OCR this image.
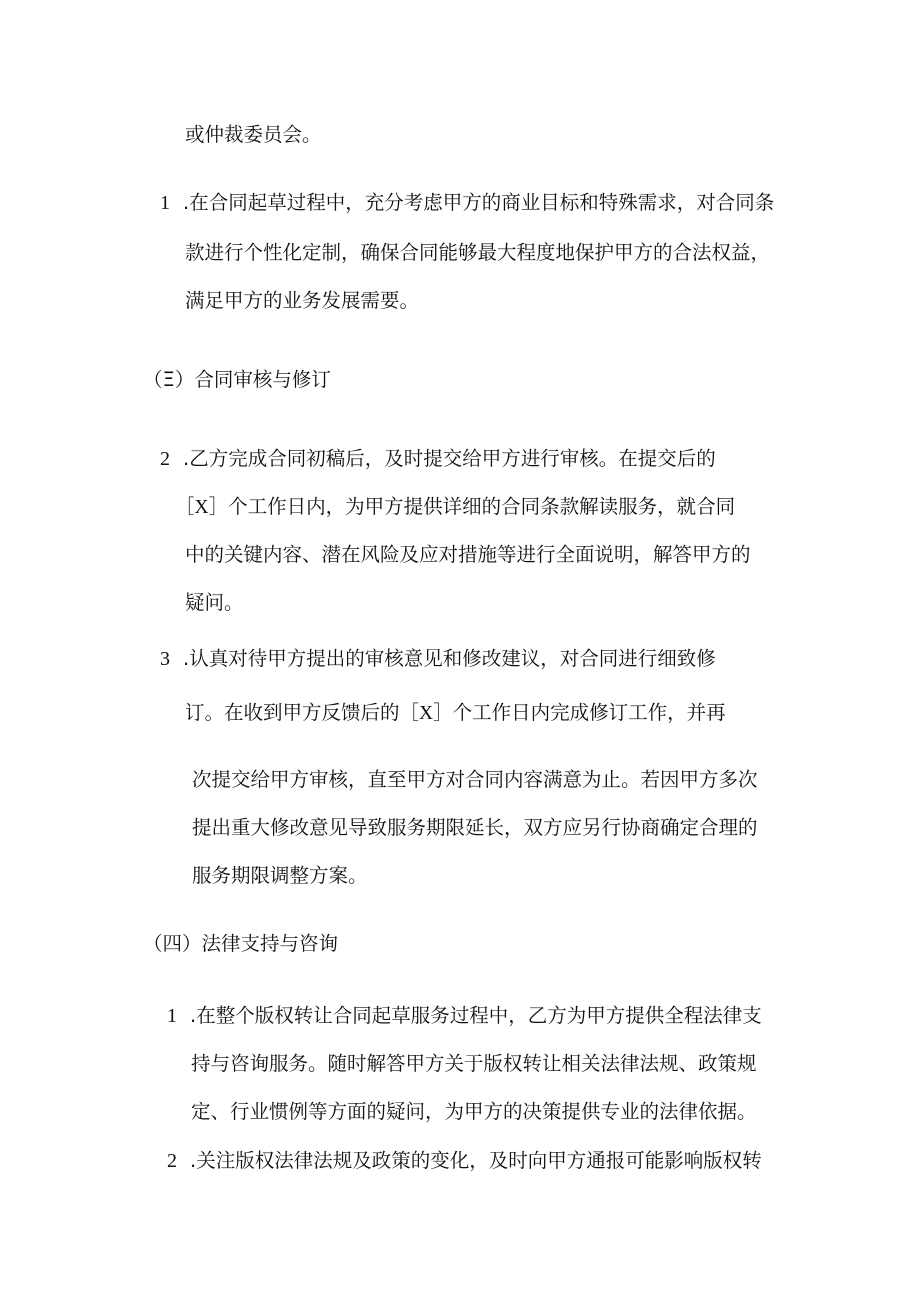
或仲裁委员会。
1 .在合同起草过程中，充分考虑甲方的商业目标和特殊需求，对合同条
款进行个性化定制，确保合同能够最大程度地保护甲方的合法权益，
满足甲方的业务发展需要。
（Ξ）合同审核与修订
2 .乙方完成合同初稿后，及时提交给甲方进行审核。在提交后的
［X］个工作日内，为甲方提供详细的合同条款解读服务，就合同
中的关键内容、潜在风险及应对措施等进行全面说明，解答甲方的
疑问。
3 .认真对待甲方提出的审核意见和修改建议，对合同进行细致修
订。在收到甲方反馈后的［X］个工作日内完成修订工作，并再
次提交给甲方审核，直至甲方对合同内容满意为止。若因甲方多次
提出重大修改意见导致服务期限延长，双方应另行协商确定合理的
服务期限调整方案。
（四）法律支持与咨询
1 .在整个版权转让合同起草服务过程中，乙方为甲方提供全程法律支
持与咨询服务。随时解答甲方关于版权转让相关法律法规、政策规
定、行业惯例等方面的疑问，为甲方的决策提供专业的法律依据。
2 .关注版权法律法规及政策的变化，及时向甲方通报可能影响版权转
